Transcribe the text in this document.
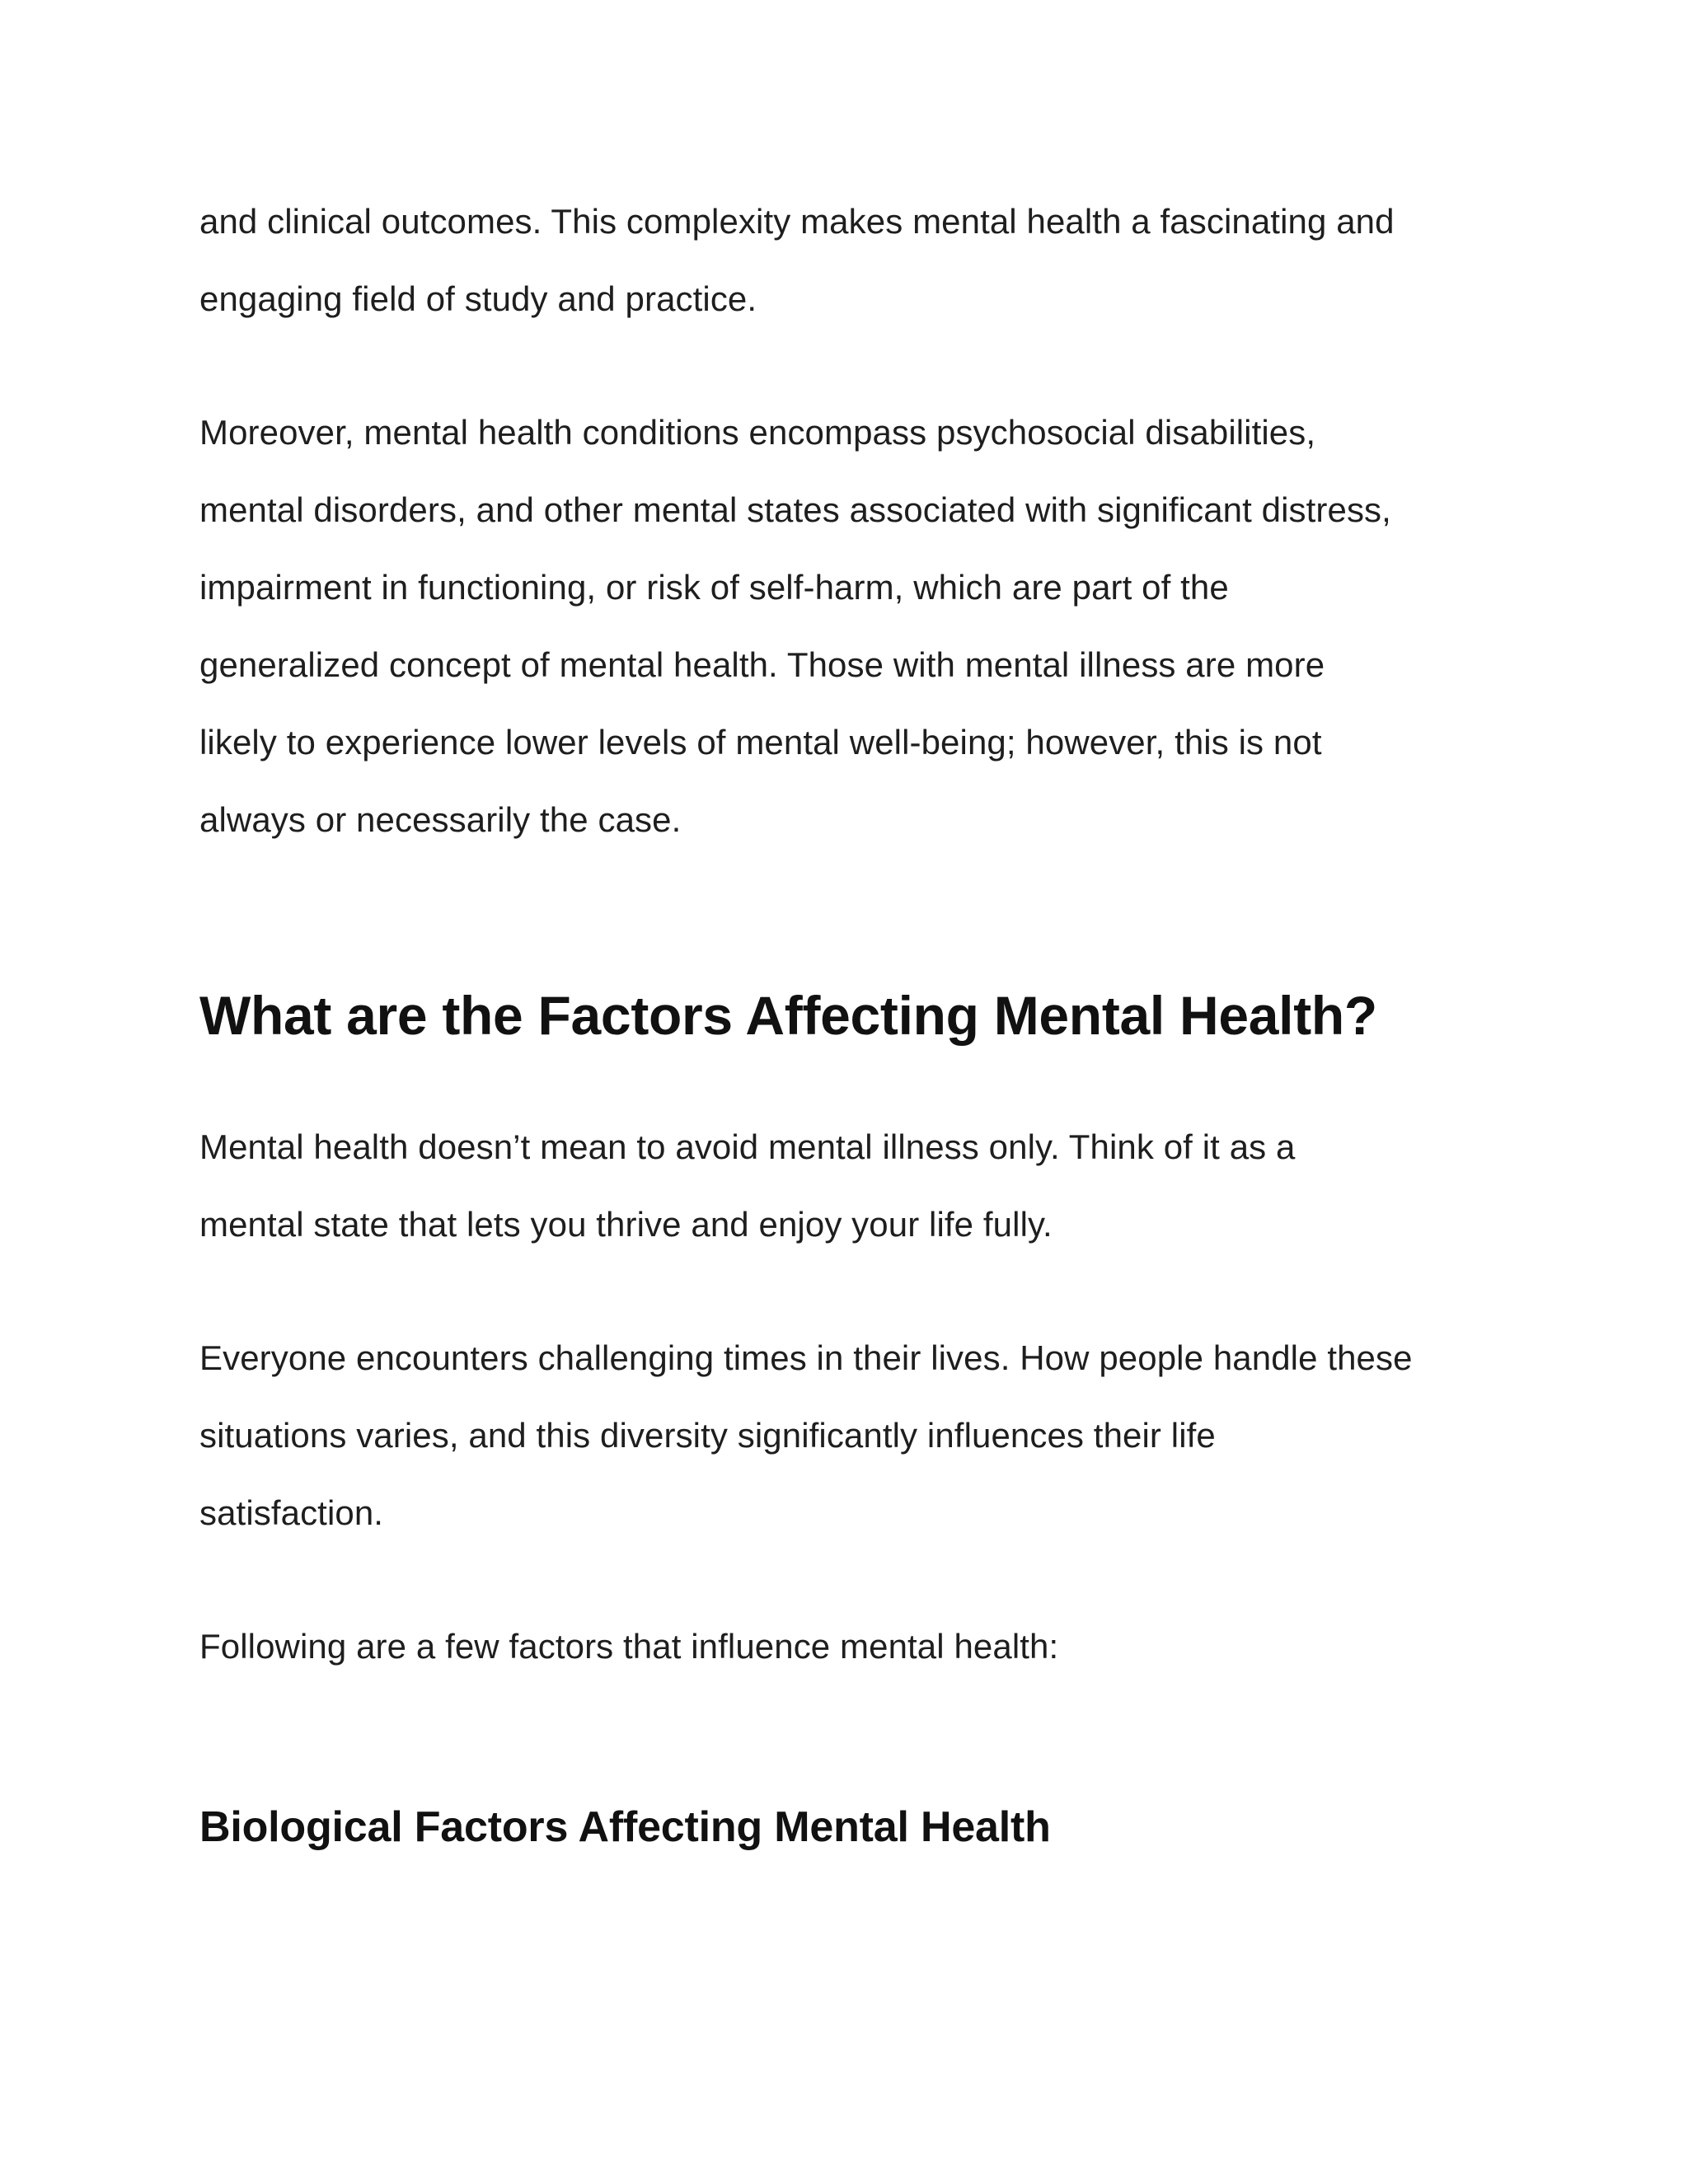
and clinical outcomes. This complexity makes mental health a fascinating and
engaging field of study and practice.
Moreover, mental health conditions encompass psychosocial disabilities,
mental disorders, and other mental states associated with significant distress,
impairment in functioning, or risk of self-harm, which are part of the
generalized concept of mental health. Those with mental illness are more
likely to experience lower levels of mental well-being; however, this is not
always or necessarily the case.
What are the Factors Affecting Mental Health?
Mental health doesn’t mean to avoid mental illness only. Think of it as a
mental state that lets you thrive and enjoy your life fully.
Everyone encounters challenging times in their lives. How people handle these
situations varies, and this diversity significantly influences their life
satisfaction.
Following are a few factors that influence mental health:
Biological Factors Affecting Mental Health
